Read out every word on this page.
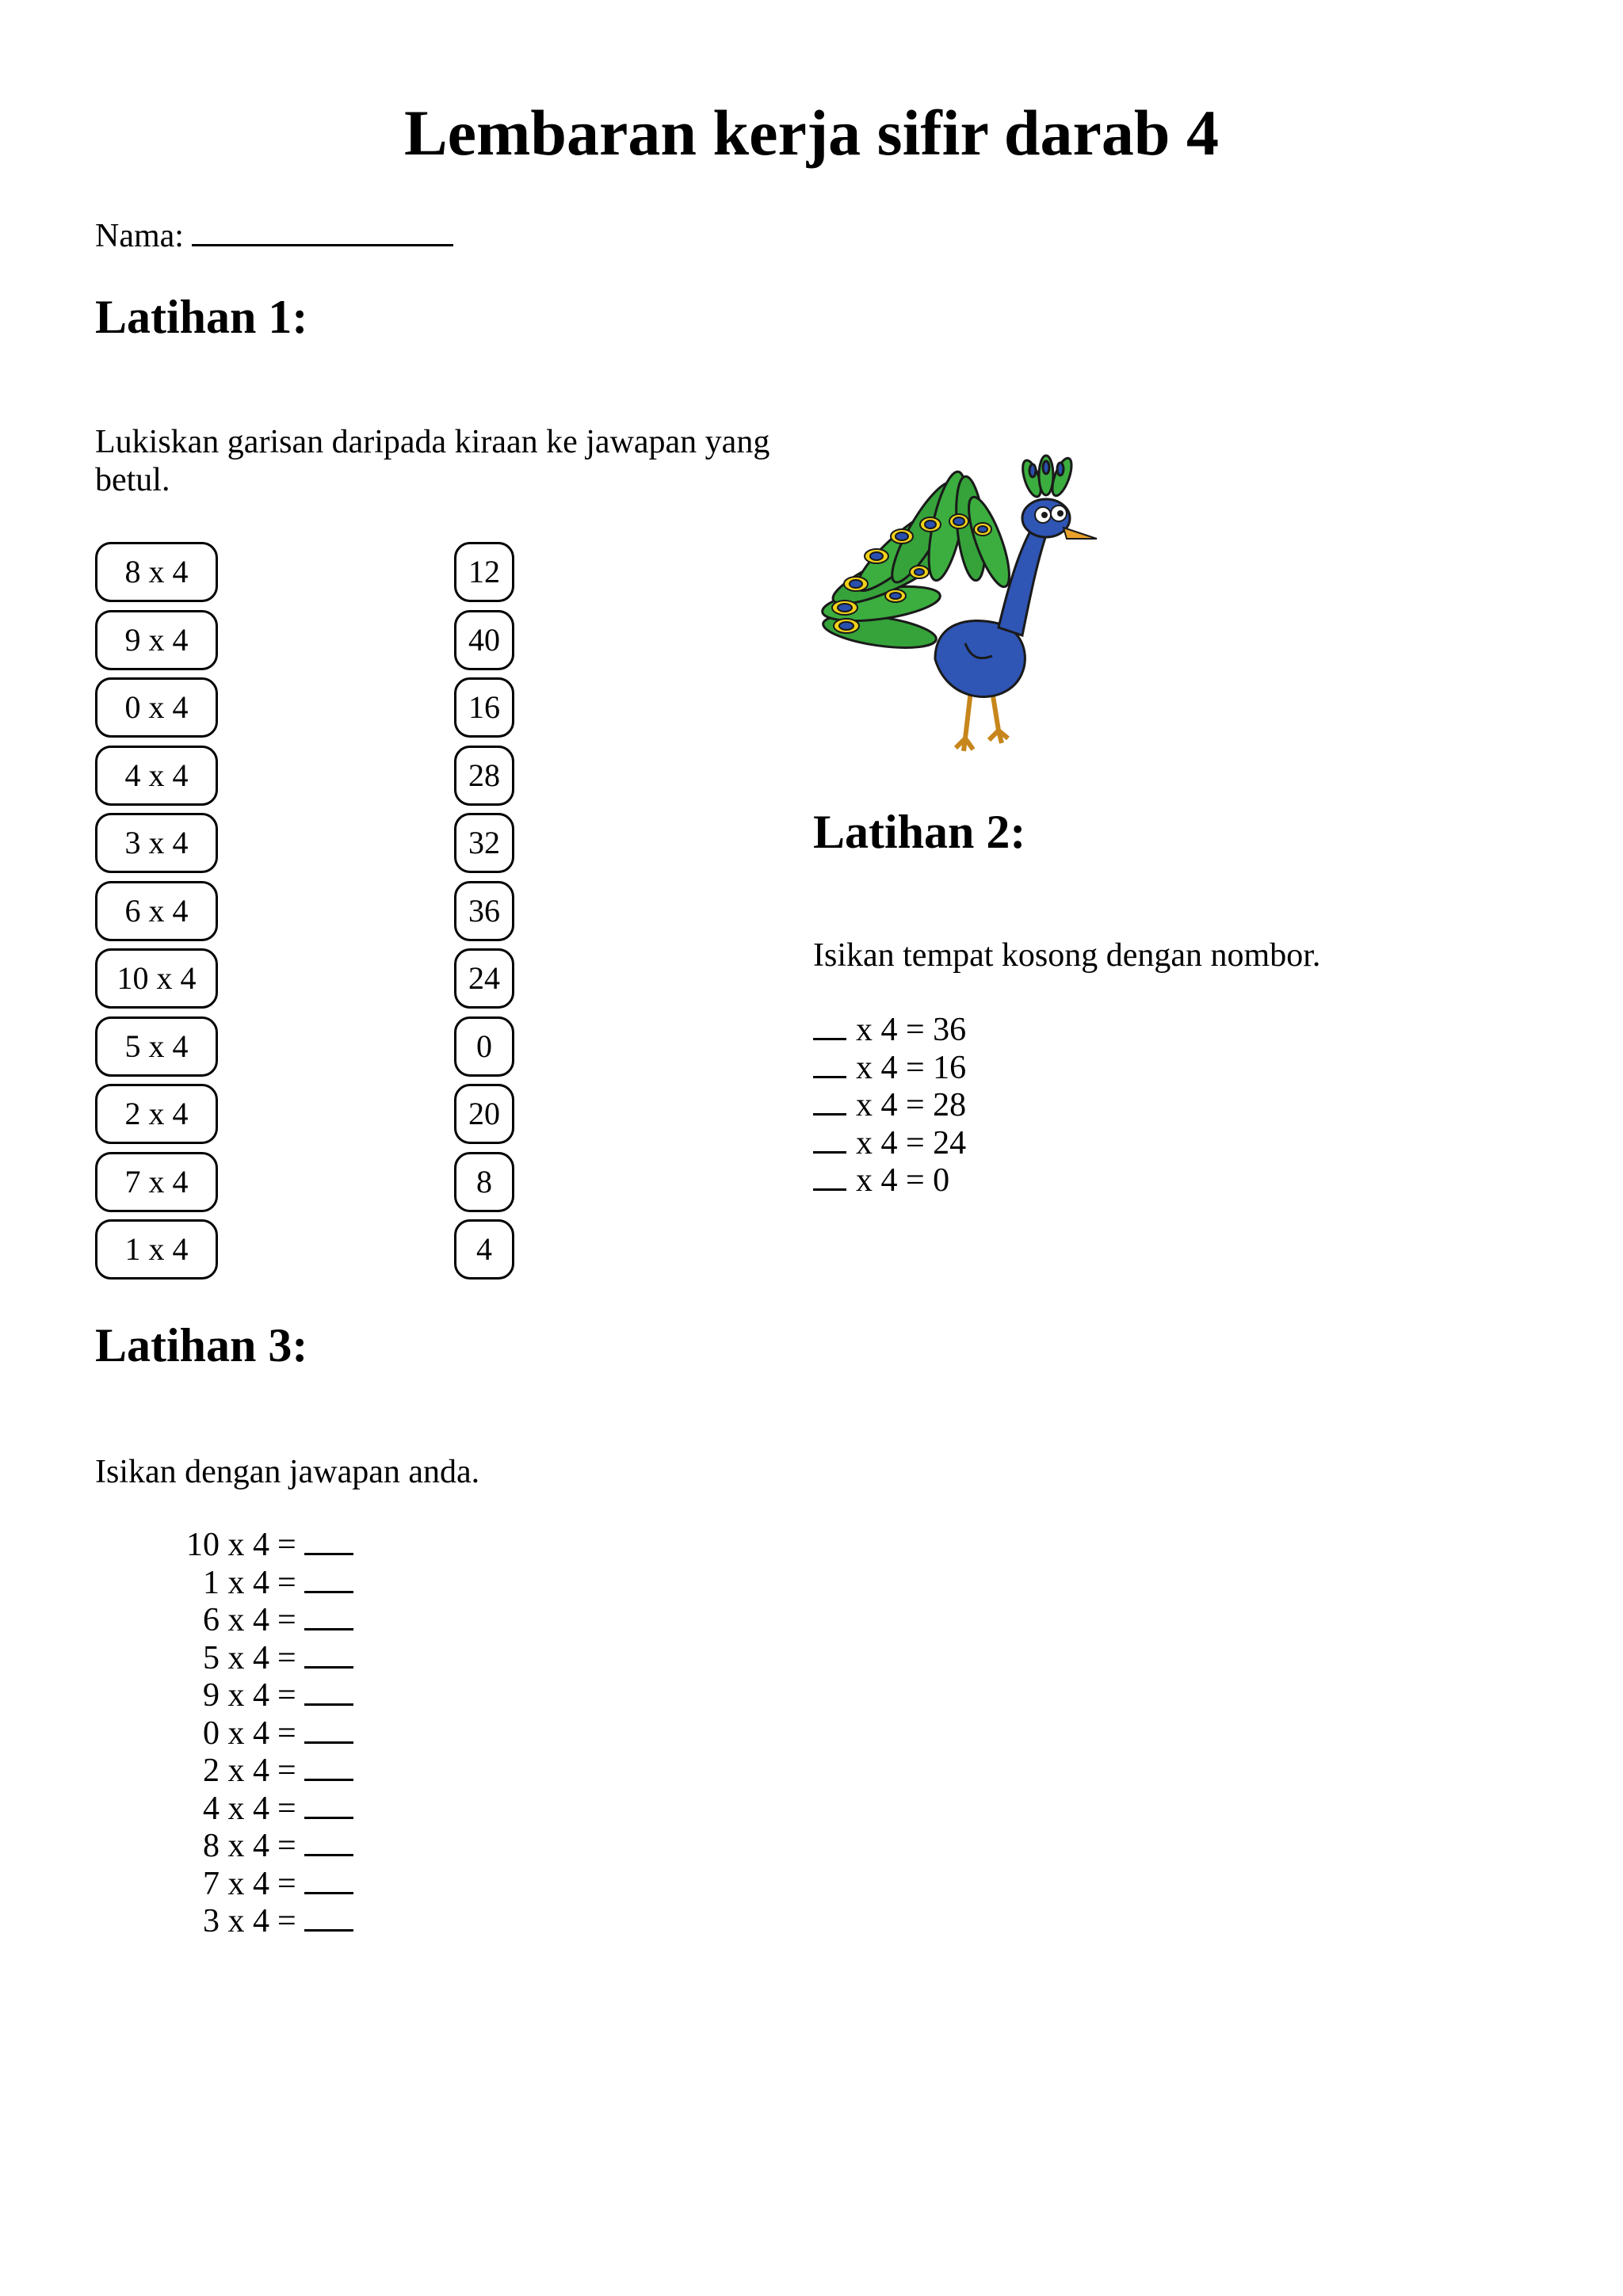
Lembaran kerja sifir darab 4
Nama:
Latihan 1:
Lukiskan garisan daripada kiraan ke jawapan yang betul.
8 x 4
9 x 4
0 x 4
4 x 4
3 x 4
6 x 4
10 x 4
5 x 4
2 x 4
7 x 4
1 x 4
12
40
16
28
32
36
24
0
20
8
4
Latihan 2:
Isikan tempat kosong dengan nombor.
x 4 = 36
x 4 = 16
x 4 = 28
x 4 = 24
x 4 = 0
Latihan 3:
Isikan dengan jawapan anda.
10 x 4 =
1 x 4 =
6 x 4 =
5 x 4 =
9 x 4 =
0 x 4 =
2 x 4 =
4 x 4 =
8 x 4 =
7 x 4 =
3 x 4 =
